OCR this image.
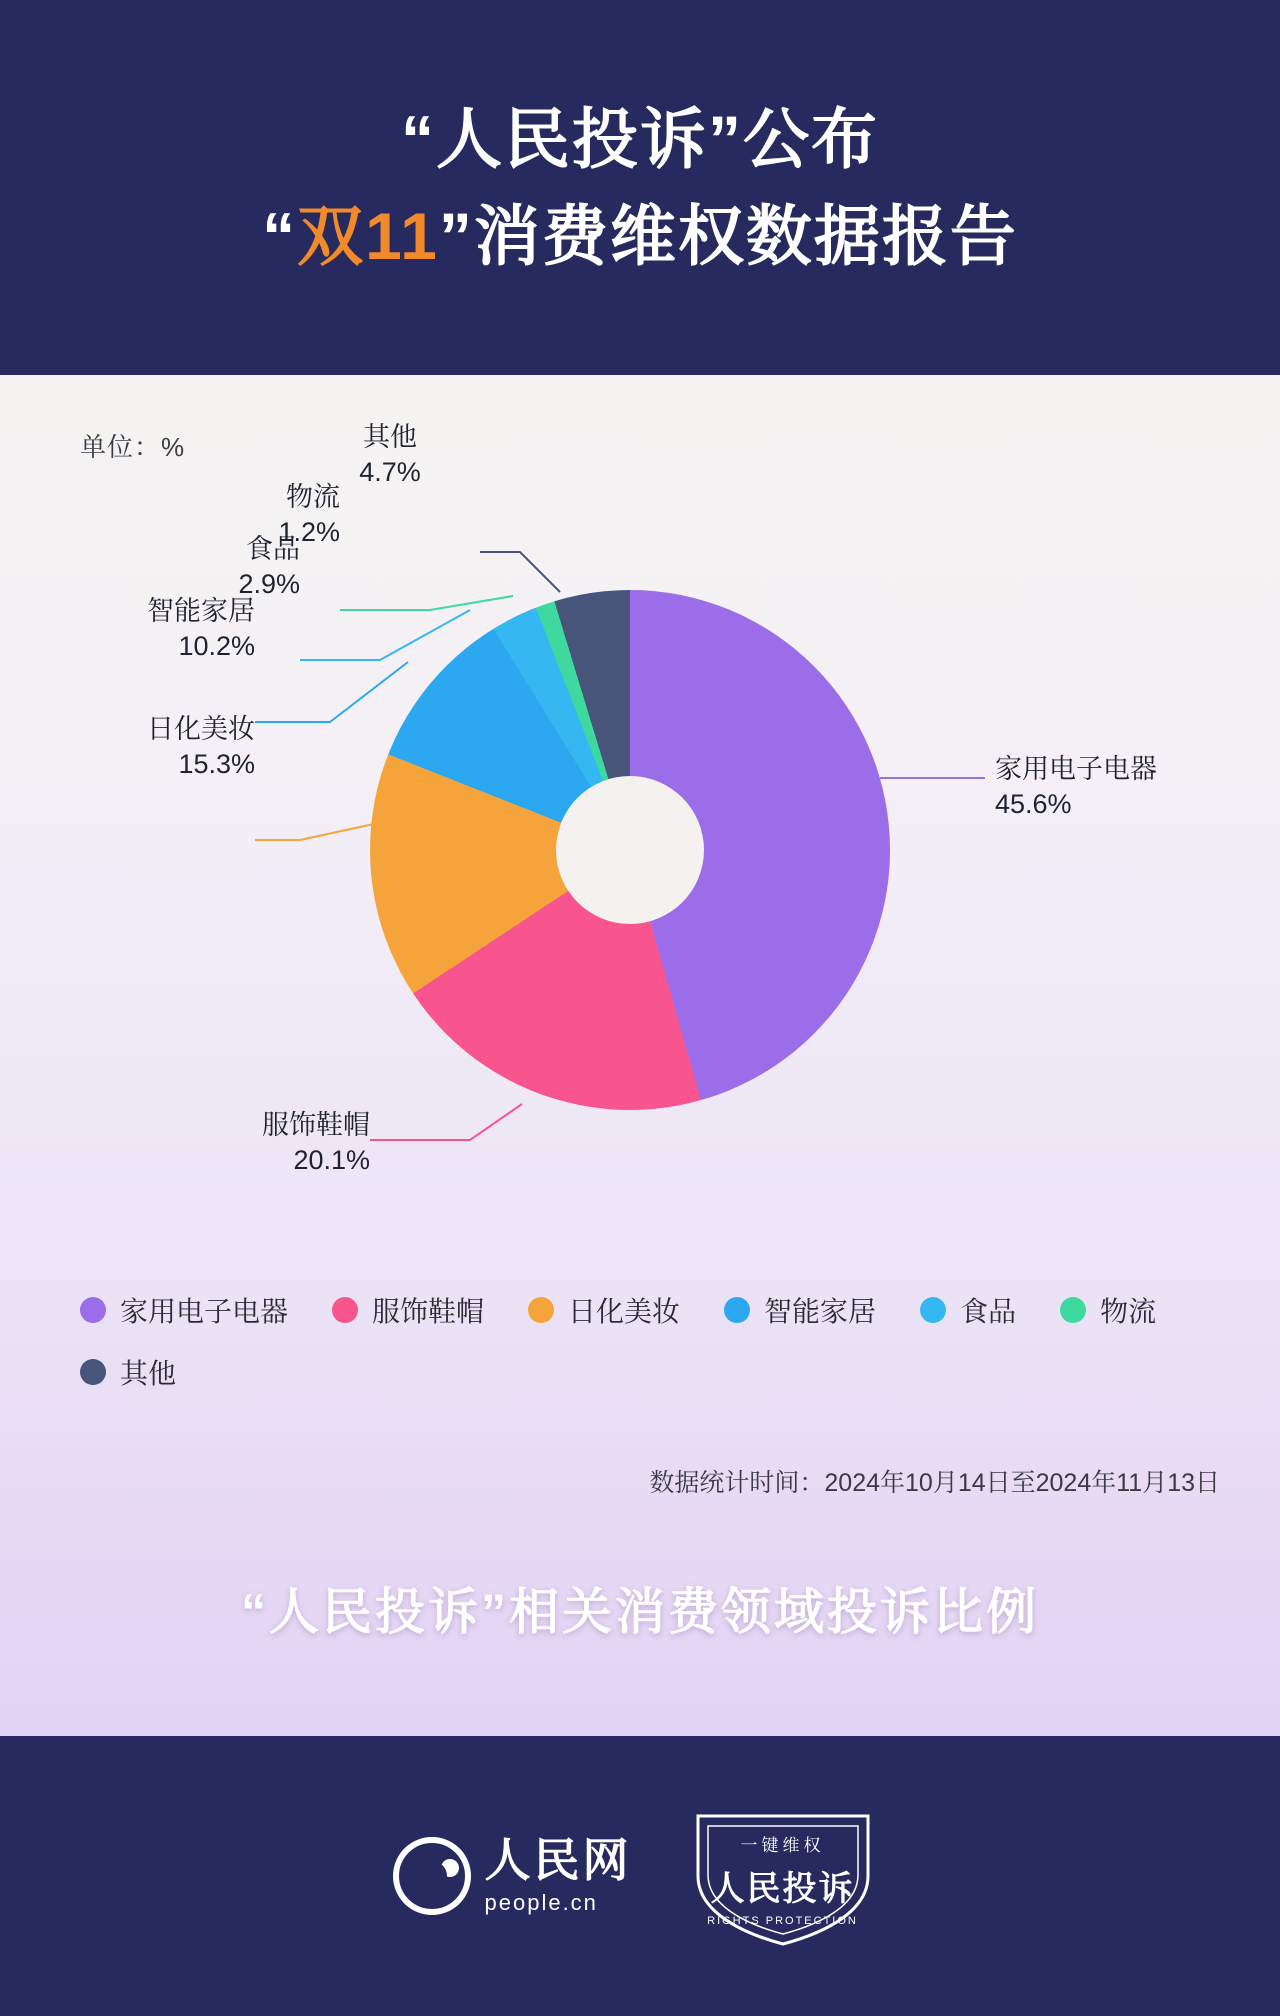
“人民投诉”公布
“双11”消费维权数据报告
单位：%	其他
4.7%
物流
1.2%
食品
2.9%
智能家居
10.2%
日化美妆
15.3%
服饰鞋帽
20.1%
家用电子电器
45.6%
家用电子电器	服饰鞋帽	日化美妆	智能家居	食品	物流
其他
数据统计时间：2024年10月14日至2024年11月13日
“人民投诉”相关消费领域投诉比例
人民网
people.cn
一键维权
人民投诉
RIGHTS PROTECTION
